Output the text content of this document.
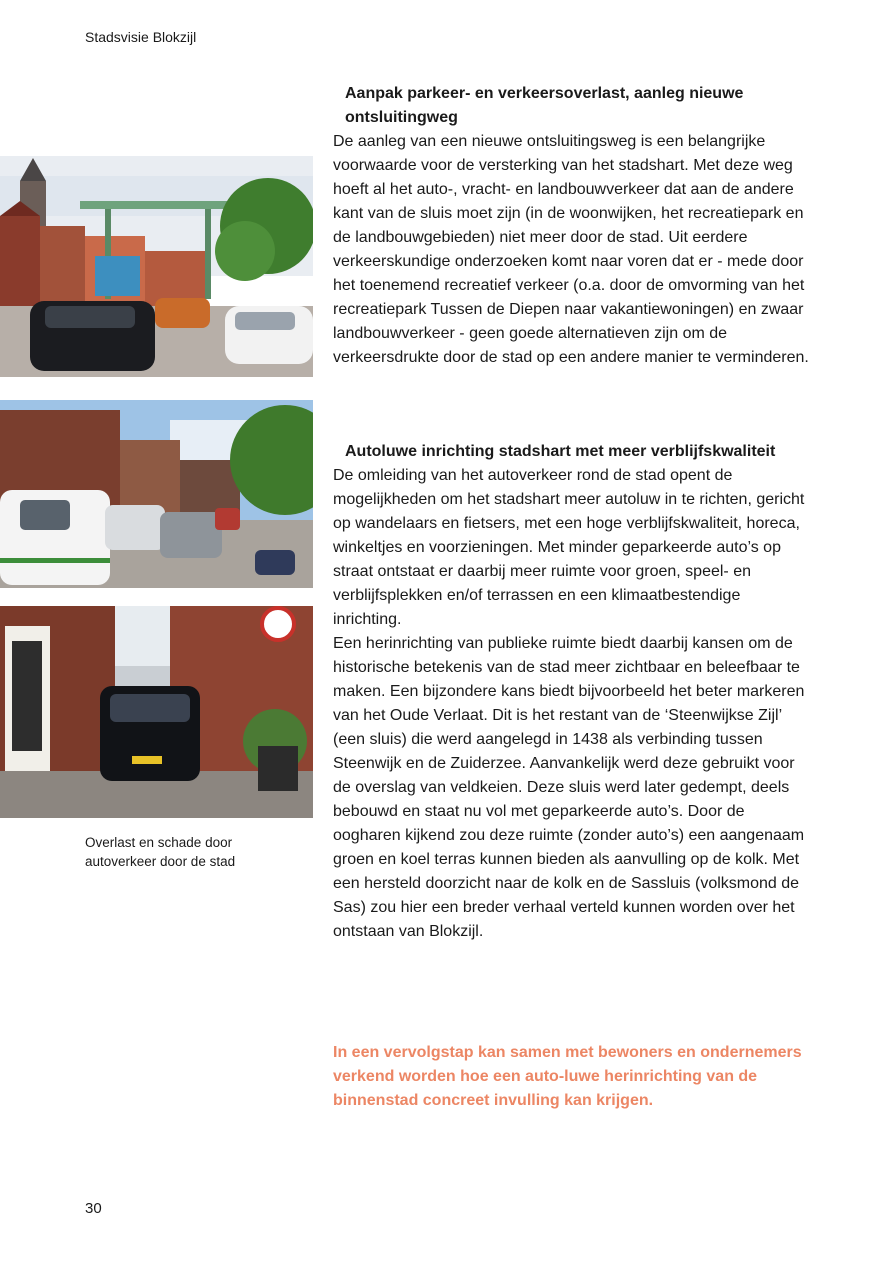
Stadsvisie Blokzijl
Overlast en schade door autoverkeer door de stad
Aanpak parkeer- en verkeersoverlast, aanleg nieuwe ontsluitingweg

De aanleg van een nieuwe ontsluitingsweg is een belangrijke voorwaarde voor de versterking van het stadshart. Met deze weg hoeft al het auto-, vracht- en landbouwverkeer dat aan de andere kant van de sluis moet zijn (in de woonwijken, het recreatiepark en de landbouwgebieden) niet meer door de stad. Uit eerdere verkeerskundige onderzoeken komt naar voren dat er - mede door het toenemend recreatief verkeer (o.a. door de omvorming van het recreatiepark Tussen de Diepen naar vakantiewoningen) en zwaar landbouwverkeer - geen goede alternatieven zijn om de verkeersdrukte door de stad op een andere manier te verminderen.

Autoluwe inrichting stadshart met meer verblijfskwaliteit

De omleiding van het autoverkeer rond de stad opent de mogelijkheden om het stadshart meer autoluw in te richten, gericht op wandelaars en fietsers, met een hoge verblijfskwaliteit, horeca, winkeltjes en voorzieningen. Met minder geparkeerde auto’s op straat ontstaat er daarbij meer ruimte voor groen, speel- en verblijfsplekken en/of terrassen en een klimaatbestendige inrichting.

Een herinrichting van publieke ruimte biedt daarbij kansen om de historische betekenis van de stad meer zichtbaar en beleefbaar te maken. Een bijzondere kans biedt bijvoorbeeld het beter markeren van het Oude Verlaat. Dit is het restant van de ‘Steenwijkse Zijl’ (een sluis) die werd aangelegd in 1438 als verbinding tussen Steenwijk en de Zuiderzee. Aanvankelijk werd deze gebruikt voor de overslag van veldkeien. Deze sluis werd later gedempt, deels bebouwd en staat nu vol met geparkeerde auto’s. Door de oogharen kijkend zou deze ruimte (zonder auto’s) een aangenaam groen en koel terras kunnen bieden als aanvulling op de kolk. Met een hersteld doorzicht naar de kolk en de Sassluis (volksmond de Sas) zou hier een breder verhaal verteld kunnen worden over het ontstaan van Blokzijl.

In een vervolgstap kan samen met bewoners en ondernemers verkend worden hoe een auto-luwe herinrichting van de binnenstad concreet invulling kan krijgen.
30
